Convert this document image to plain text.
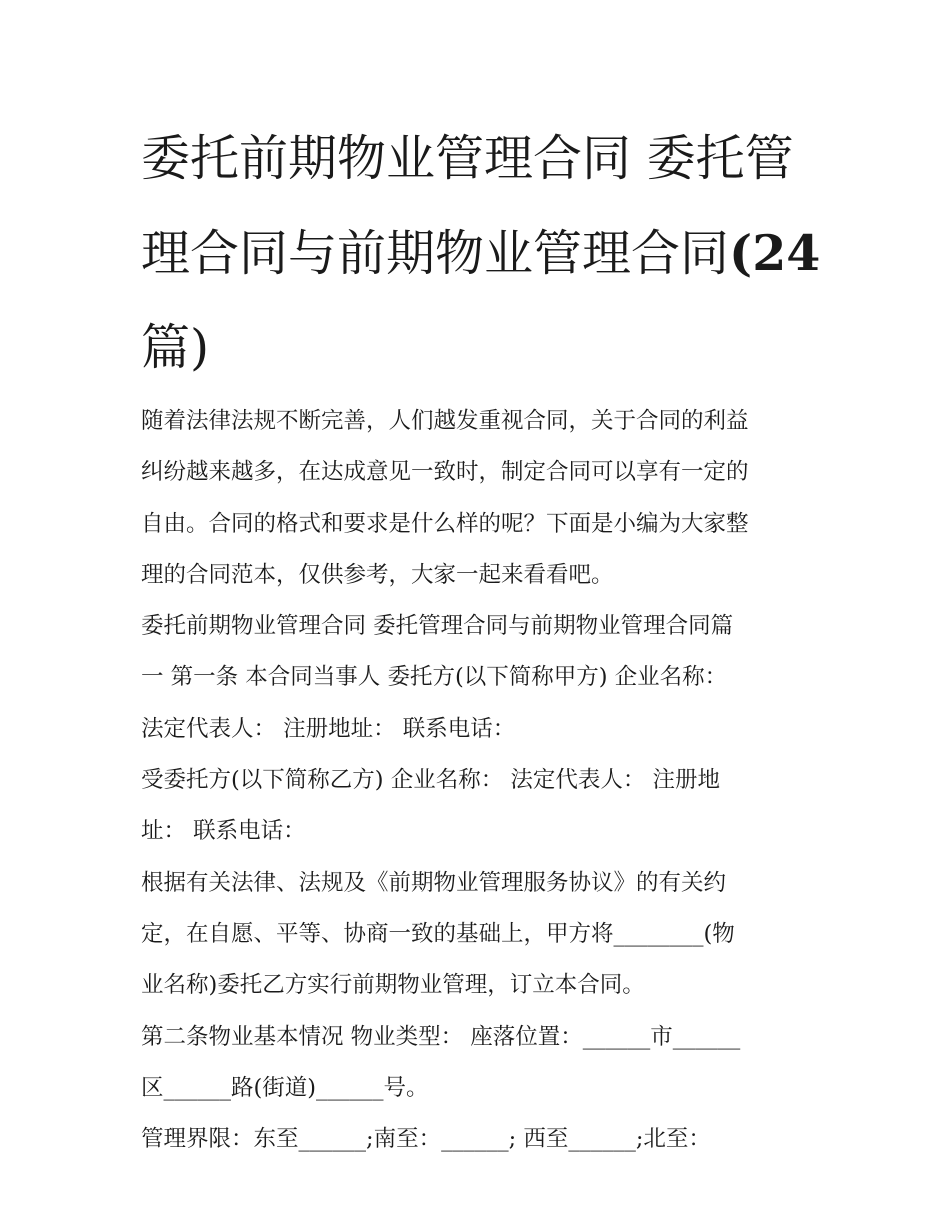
委托前期物业管理合同 委托管
理合同与前期物业管理合同(24
篇)
随着法律法规不断完善，人们越发重视合同，关于合同的利益
纠纷越来越多，在达成意见一致时，制定合同可以享有一定的
自由。合同的格式和要求是什么样的呢？下面是小编为大家整
理的合同范本，仅供参考，大家一起来看看吧。
委托前期物业管理合同 委托管理合同与前期物业管理合同篇
一 第一条 本合同当事人 委托方(以下简称甲方) 企业名称：
法定代表人： 注册地址： 联系电话：
受委托方(以下简称乙方) 企业名称： 法定代表人： 注册地
址： 联系电话：
根据有关法律、法规及《前期物业管理服务协议》的有关约
定，在自愿、平等、协商一致的基础上，甲方将________(物
业名称)委托乙方实行前期物业管理，订立本合同。
第二条物业基本情况 物业类型： 座落位置：______市______
区______路(街道)______号。
管理界限：东至______;南至：______; 西至______;北至：
